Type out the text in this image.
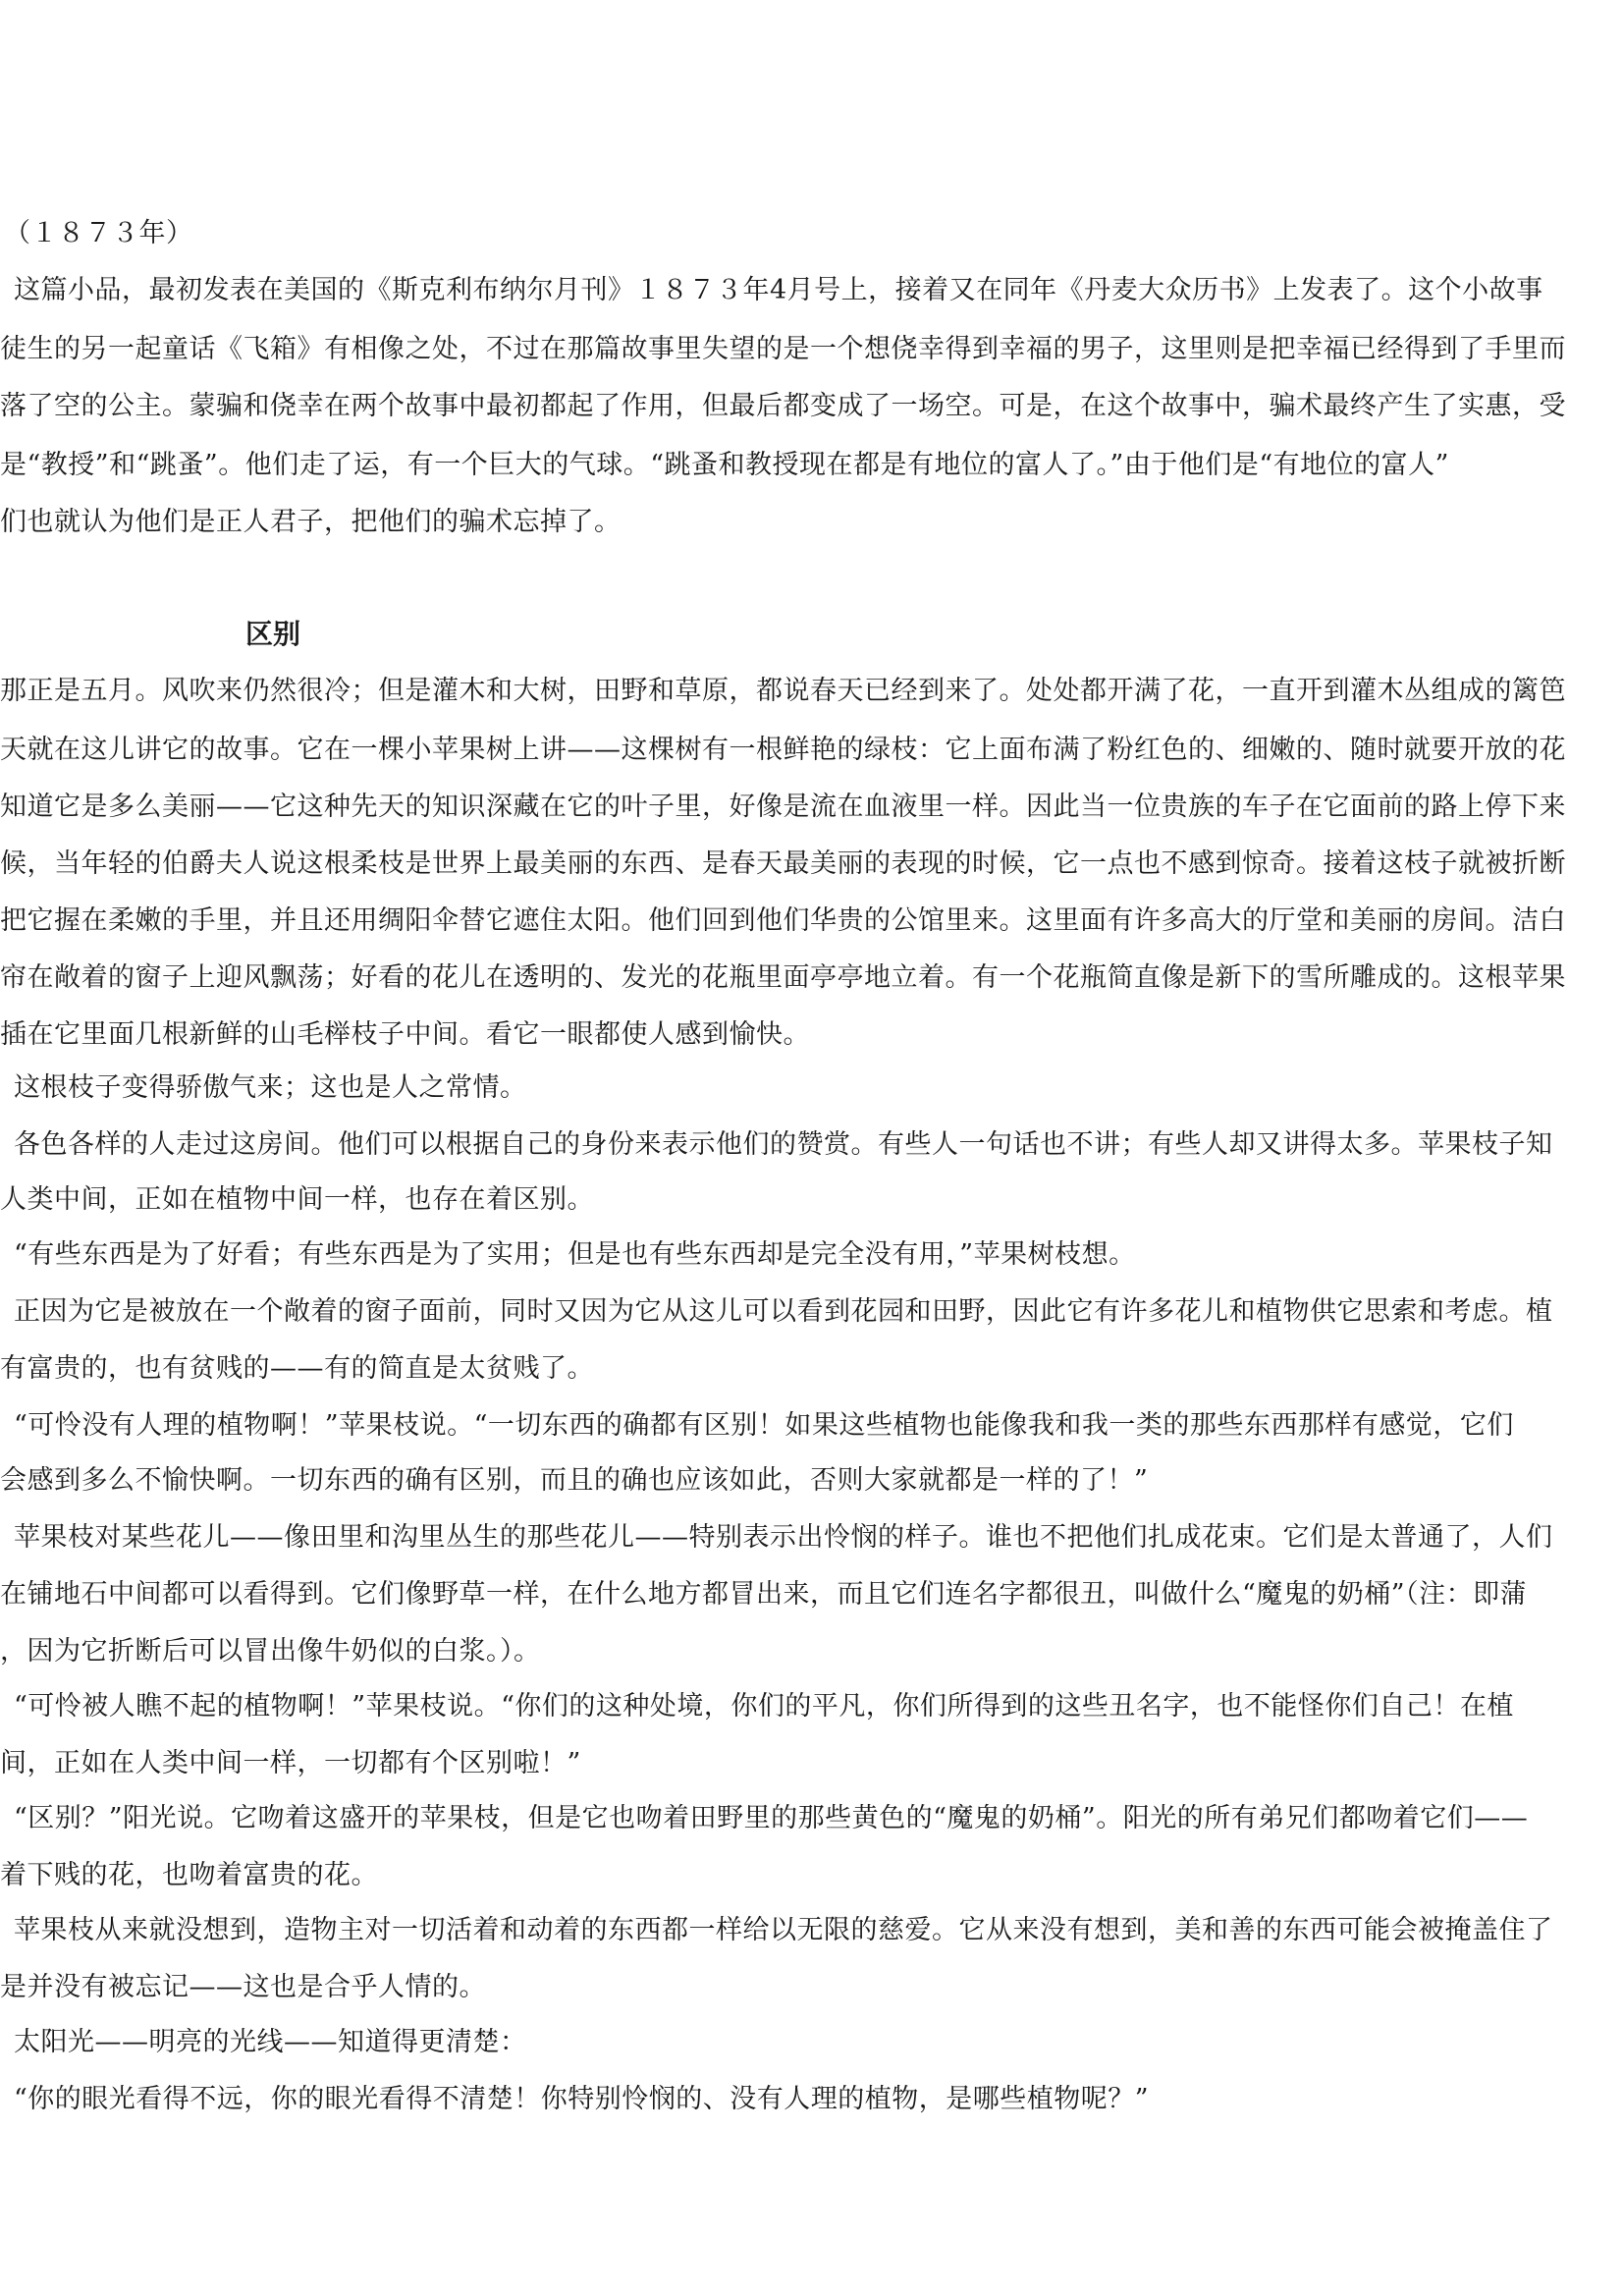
（１８７３年）
这篇小品，最初发表在美国的《斯克利布纳尔月刊》１８７３年4月号上，接着又在同年《丹麦大众历书》上发表了。这个小故事
徒生的另一起童话《飞箱》有相像之处，不过在那篇故事里失望的是一个想侥幸得到幸福的男子，这里则是把幸福已经得到了手里而
落了空的公主。蒙骗和侥幸在两个故事中最初都起了作用，但最后都变成了一场空。可是，在这个故事中，骗术最终产生了实惠，受
是“教授”和“跳蚤”。他们走了运，有一个巨大的气球。“跳蚤和教授现在都是有地位的富人了。”由于他们是“有地位的富人”
们也就认为他们是正人君子，把他们的骗术忘掉了。
区别
那正是五月。风吹来仍然很冷；但是灌木和大树，田野和草原，都说春天已经到来了。处处都开满了花，一直开到灌木丛组成的篱笆
天就在这儿讲它的故事。它在一棵小苹果树上讲——这棵树有一根鲜艳的绿枝：它上面布满了粉红色的、细嫩的、随时就要开放的花
知道它是多么美丽——它这种先天的知识深藏在它的叶子里，好像是流在血液里一样。因此当一位贵族的车子在它面前的路上停下来
候，当年轻的伯爵夫人说这根柔枝是世界上最美丽的东西、是春天最美丽的表现的时候，它一点也不感到惊奇。接着这枝子就被折断
把它握在柔嫩的手里，并且还用绸阳伞替它遮住太阳。他们回到他们华贵的公馆里来。这里面有许多高大的厅堂和美丽的房间。洁白
帘在敞着的窗子上迎风飘荡；好看的花儿在透明的、发光的花瓶里面亭亭地立着。有一个花瓶简直像是新下的雪所雕成的。这根苹果
插在它里面几根新鲜的山毛榉枝子中间。看它一眼都使人感到愉快。
这根枝子变得骄傲气来；这也是人之常情。
各色各样的人走过这房间。他们可以根据自己的身份来表示他们的赞赏。有些人一句话也不讲；有些人却又讲得太多。苹果枝子知
人类中间，正如在植物中间一样，也存在着区别。
“有些东西是为了好看；有些东西是为了实用；但是也有些东西却是完全没有用，”苹果树枝想。
正因为它是被放在一个敞着的窗子面前，同时又因为它从这儿可以看到花园和田野，因此它有许多花儿和植物供它思索和考虑。植
有富贵的，也有贫贱的——有的简直是太贫贱了。
“可怜没有人理的植物啊！”苹果枝说。“一切东西的确都有区别！如果这些植物也能像我和我一类的那些东西那样有感觉，它们
会感到多么不愉快啊。一切东西的确有区别，而且的确也应该如此，否则大家就都是一样的了！”
苹果枝对某些花儿——像田里和沟里丛生的那些花儿——特别表示出怜悯的样子。谁也不把他们扎成花束。它们是太普通了，人们
在铺地石中间都可以看得到。它们像野草一样，在什么地方都冒出来，而且它们连名字都很丑，叫做什么“魔鬼的奶桶”（注：即蒲
，因为它折断后可以冒出像牛奶似的白浆。）。
“可怜被人瞧不起的植物啊！”苹果枝说。“你们的这种处境，你们的平凡，你们所得到的这些丑名字，也不能怪你们自己！在植
间，正如在人类中间一样，一切都有个区别啦！”
“区别？”阳光说。它吻着这盛开的苹果枝，但是它也吻着田野里的那些黄色的“魔鬼的奶桶”。阳光的所有弟兄们都吻着它们——
着下贱的花，也吻着富贵的花。
苹果枝从来就没想到，造物主对一切活着和动着的东西都一样给以无限的慈爱。它从来没有想到，美和善的东西可能会被掩盖住了
是并没有被忘记——这也是合乎人情的。
太阳光——明亮的光线——知道得更清楚：
“你的眼光看得不远，你的眼光看得不清楚！你特别怜悯的、没有人理的植物，是哪些植物呢？”
